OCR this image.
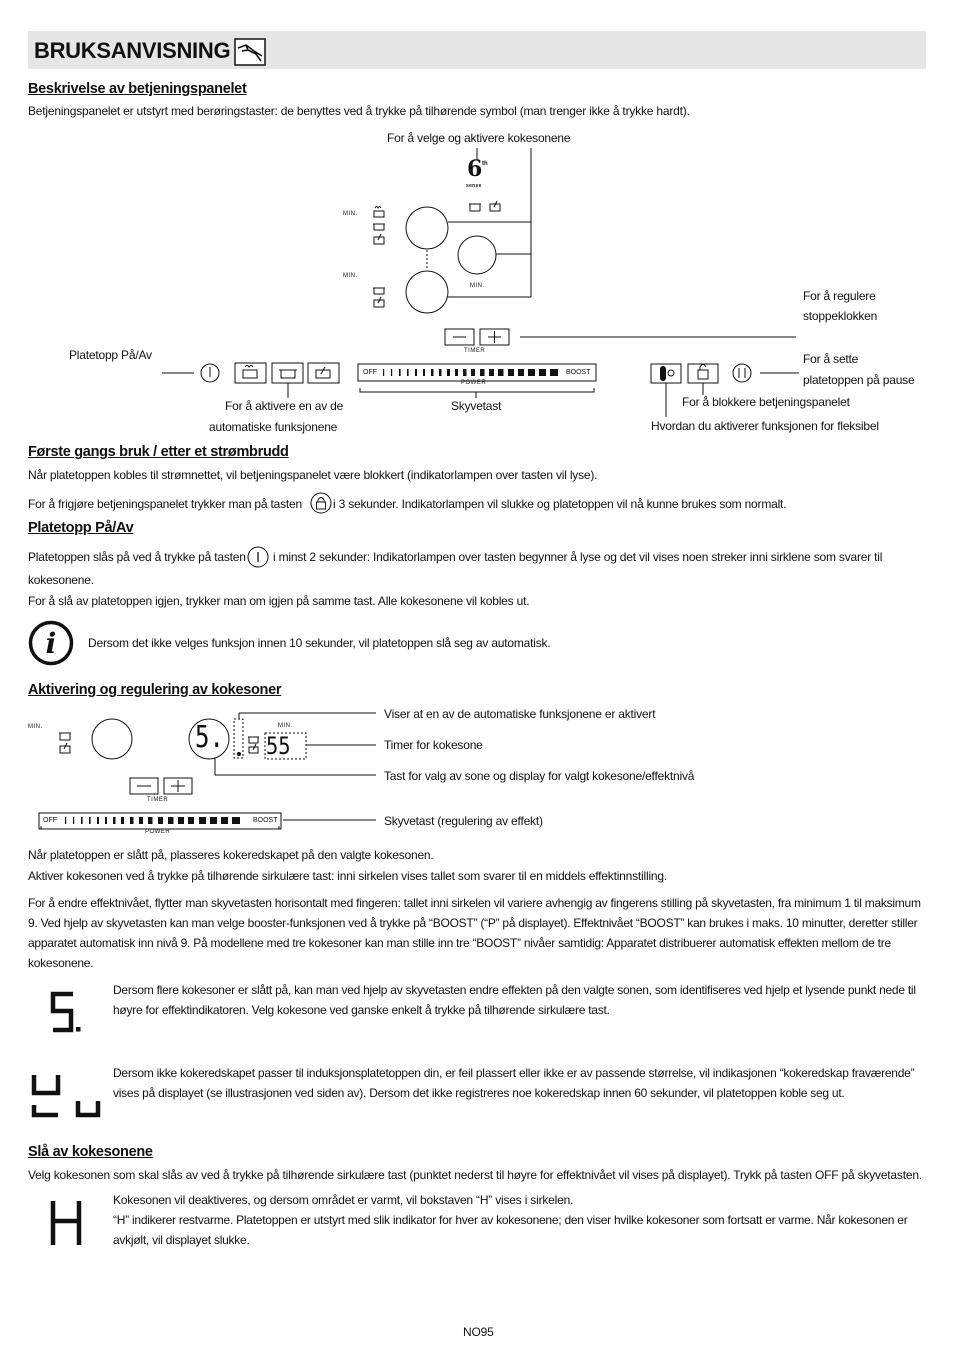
BRUKSANVISNING
Beskrivelse av betjeningspanelet
Betjeningspanelet er utstyrt med berøringstaster: de benyttes ved å trykke på tilhørende symbol (man trenger ikke å trykke hardt).
For å velge og aktivere kokesonene
6 th
sense
MIN.
MIN.
MIN.
TIMER
OFF	BOOST
POWER
For å regulere
stoppeklokken
Platetopp På/Av	For å sette
platetoppen på pause
For å aktivere en av de
automatiske funksjonene
Skyvetast	For å blokkere betjeningspanelet
Hvordan du aktiverer funksjonen for fleksibel
Første gangs bruk / etter et strømbrudd
Når platetoppen kobles til strømnettet, vil betjeningspanelet være blokkert (indikatorlampen over tasten vil lyse).
For å frigjøre betjeningspanelet trykker man på tasten	i 3 sekunder. Indikatorlampen vil slukke og platetoppen vil nå kunne brukes som normalt.
Platetopp På/Av
Platetoppen slås på ved å trykke på tasten i minst 2 sekunder: Indikatorlampen over tasten begynner å lyse og det vil vises noen streker inni sirklene som svarer til
kokesonene.
For å slå av platetoppen igjen, trykker man om igjen på samme tast. Alle kokesonene vil kobles ut.
i	Dersom det ikke velges funksjon innen 10 sekunder, vil platetoppen slå seg av automatisk.
Aktivering og regulering av kokesoner
MIN.	MIN.
5. 55
TIMER
OFF	BOOST
POWER
Viser at en av de automatiske funksjonene er aktivert
Timer for kokesone
Tast for valg av sone og display for valgt kokesone/effektnivå
Skyvetast (regulering av effekt)
Når platetoppen er slått på, plasseres kokeredskapet på den valgte kokesonen.
Aktiver kokesonen ved å trykke på tilhørende sirkulære tast: inni sirkelen vises tallet som svarer til en middels effektinnstilling.
For å endre effektnivået, flytter man skyvetasten horisontalt med fingeren: tallet inni sirkelen vil variere avhengig av fingerens stilling på skyvetasten, fra minimum 1 til maksimum 9. Ved hjelp av skyvetasten kan man velge booster-funksjonen ved å trykke på “BOOST” (“P” på displayet). Effektnivået “BOOST” kan brukes i maks. 10 minutter, deretter stiller apparatet automatisk inn nivå 9. På modellene med tre kokesoner kan man stille inn tre “BOOST” nivåer samtidig: Apparatet distribuerer automatisk effekten mellom de tre kokesonene.
Dersom flere kokesoner er slått på, kan man ved hjelp av skyvetasten endre effekten på den valgte sonen, som identifiseres ved hjelp et lysende punkt nede til høyre for effektindikatoren. Velg kokesone ved ganske enkelt å trykke på tilhørende sirkulære tast.
Dersom ikke kokeredskapet passer til induksjonsplatetoppen din, er feil plassert eller ikke er av passende størrelse, vil indikasjonen “kokeredskap fraværende” vises på displayet (se illustrasjonen ved siden av). Dersom det ikke registreres noe kokeredskap innen 60 sekunder, vil platetoppen koble seg ut.
Slå av kokesonene
Velg kokesonen som skal slås av ved å trykke på tilhørende sirkulære tast (punktet nederst til høyre for effektnivået vil vises på displayet). Trykk på tasten OFF på skyvetasten.
Kokesonen vil deaktiveres, og dersom området er varmt, vil bokstaven “H” vises i sirkelen.
“H” indikerer restvarme. Platetoppen er utstyrt med slik indikator for hver av kokesonene; den viser hvilke kokesoner som fortsatt er varme. Når kokesonen er avkjølt, vil displayet slukke.
NO95
